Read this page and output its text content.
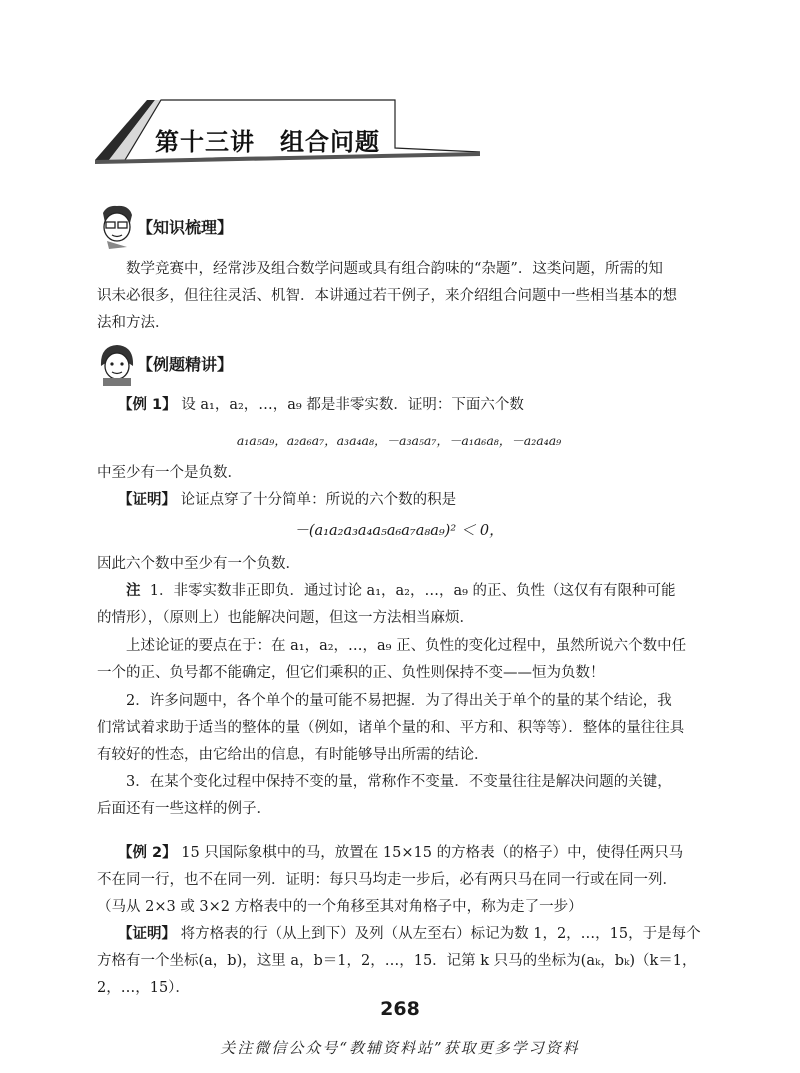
第十三讲　组合问题
【知识梳理】
数学竞赛中，经常涉及组合数学问题或具有组合韵味的“杂题”．这类问题，所需的知
识未必很多，但往往灵活、机智．本讲通过若干例子，来介绍组合问题中一些相当基本的想
法和方法．
【例题精讲】
【例 1】 设 a₁，a₂，…，a₉ 都是非零实数．证明：下面六个数
a₁a₅a₉，a₂a₆a₇，a₃a₄a₈，－a₃a₅a₇，－a₁a₆a₈，－a₂a₄a₉
中至少有一个是负数．
【证明】 论证点穿了十分简单：所说的六个数的积是
－(a₁a₂a₃a₄a₅a₆a₇a₈a₉)² ＜ 0，
因此六个数中至少有一个负数．
注 1．非零实数非正即负．通过讨论 a₁，a₂，…，a₉ 的正、负性（这仅有有限种可能
的情形），（原则上）也能解决问题，但这一方法相当麻烦．
上述论证的要点在于：在 a₁，a₂，…，a₉ 正、负性的变化过程中，虽然所说六个数中任
一个的正、负号都不能确定，但它们乘积的正、负性则保持不变——恒为负数！
2．许多问题中，各个单个的量可能不易把握．为了得出关于单个的量的某个结论，我
们常试着求助于适当的整体的量（例如，诸单个量的和、平方和、积等等）．整体的量往往具
有较好的性态，由它给出的信息，有时能够导出所需的结论．
3．在某个变化过程中保持不变的量，常称作不变量．不变量往往是解决问题的关键，
后面还有一些这样的例子．
【例 2】 15 只国际象棋中的马，放置在 15×15 的方格表（的格子）中，使得任两只马
不在同一行，也不在同一列．证明：每只马均走一步后，必有两只马在同一行或在同一列．
（马从 2×3 或 3×2 方格表中的一个角移至其对角格子中，称为走了一步）
【证明】 将方格表的行（从上到下）及列（从左至右）标记为数 1，2，…，15，于是每个
方格有一个坐标(a，b)，这里 a，b＝1，2，…，15．记第 k 只马的坐标为(aₖ，bₖ)（k＝1，
2，…，15）．
268
关注微信公众号“教辅资料站”获取更多学习资料
